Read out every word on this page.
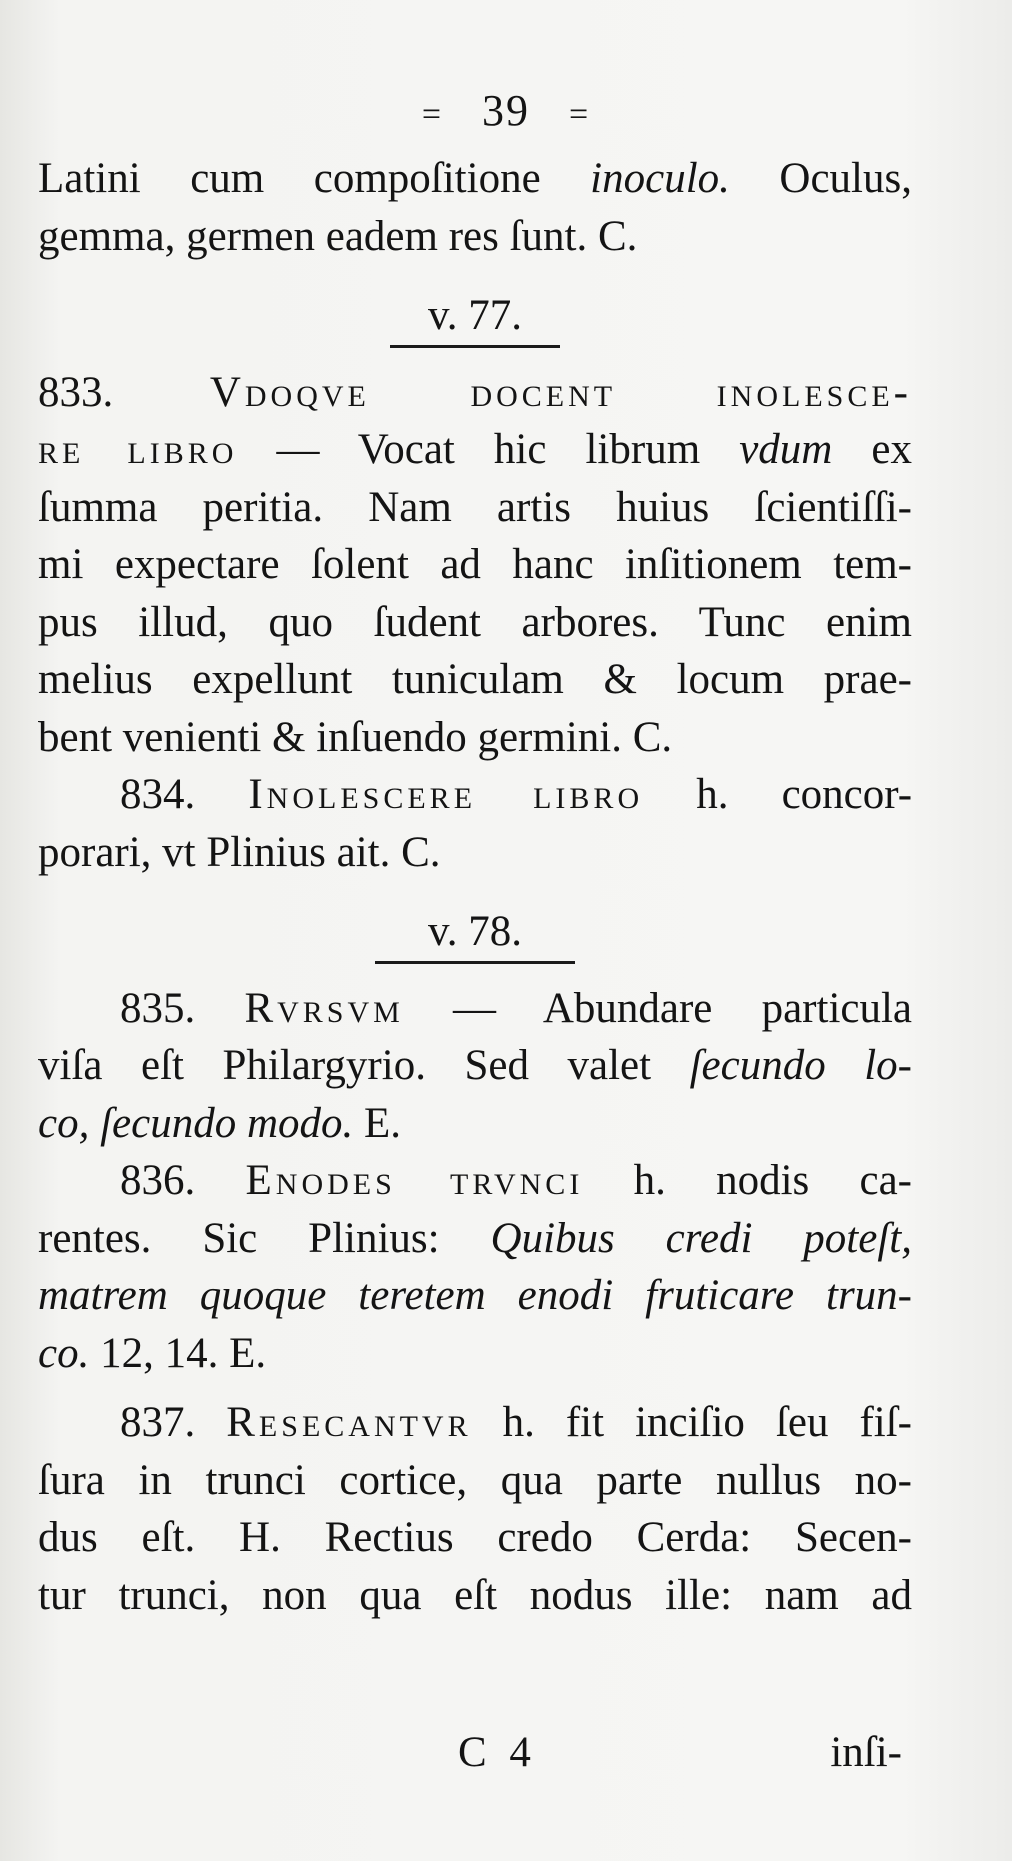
= 39 =
Latini cum compoſitione inoculo. Oculus,
gemma, germen eadem res ſunt. C.
v. 77.
833. Vdoqve docent inolesce-
re libro — Vocat hic librum vdum ex
ſumma peritia. Nam artis huius ſcientiſſi-
mi expectare ſolent ad hanc inſitionem tem-
pus illud, quo ſudent arbores. Tunc enim
melius expellunt tuniculam & locum prae-
bent venienti & inſuendo germini. C.
834. Inolescere libro h. concor-
porari, vt Plinius ait. C.
v. 78.
835. Rvrsvm — Abundare particula
viſa eſt Philargyrio. Sed valet ſecundo lo-
co, ſecundo modo. E.
836. Enodes trvnci h. nodis ca-
rentes. Sic Plinius: Quibus credi poteſt,
matrem quoque teretem enodi fruticare trun-
co. 12, 14. E.
837. Resecantvr h. fit inciſio ſeu fiſ-
ſura in trunci cortice, qua parte nullus no-
dus eſt. H. Rectius credo Cerda: Secen-
tur trunci, non qua eſt nodus ille: nam ad
C 4	inſi-
